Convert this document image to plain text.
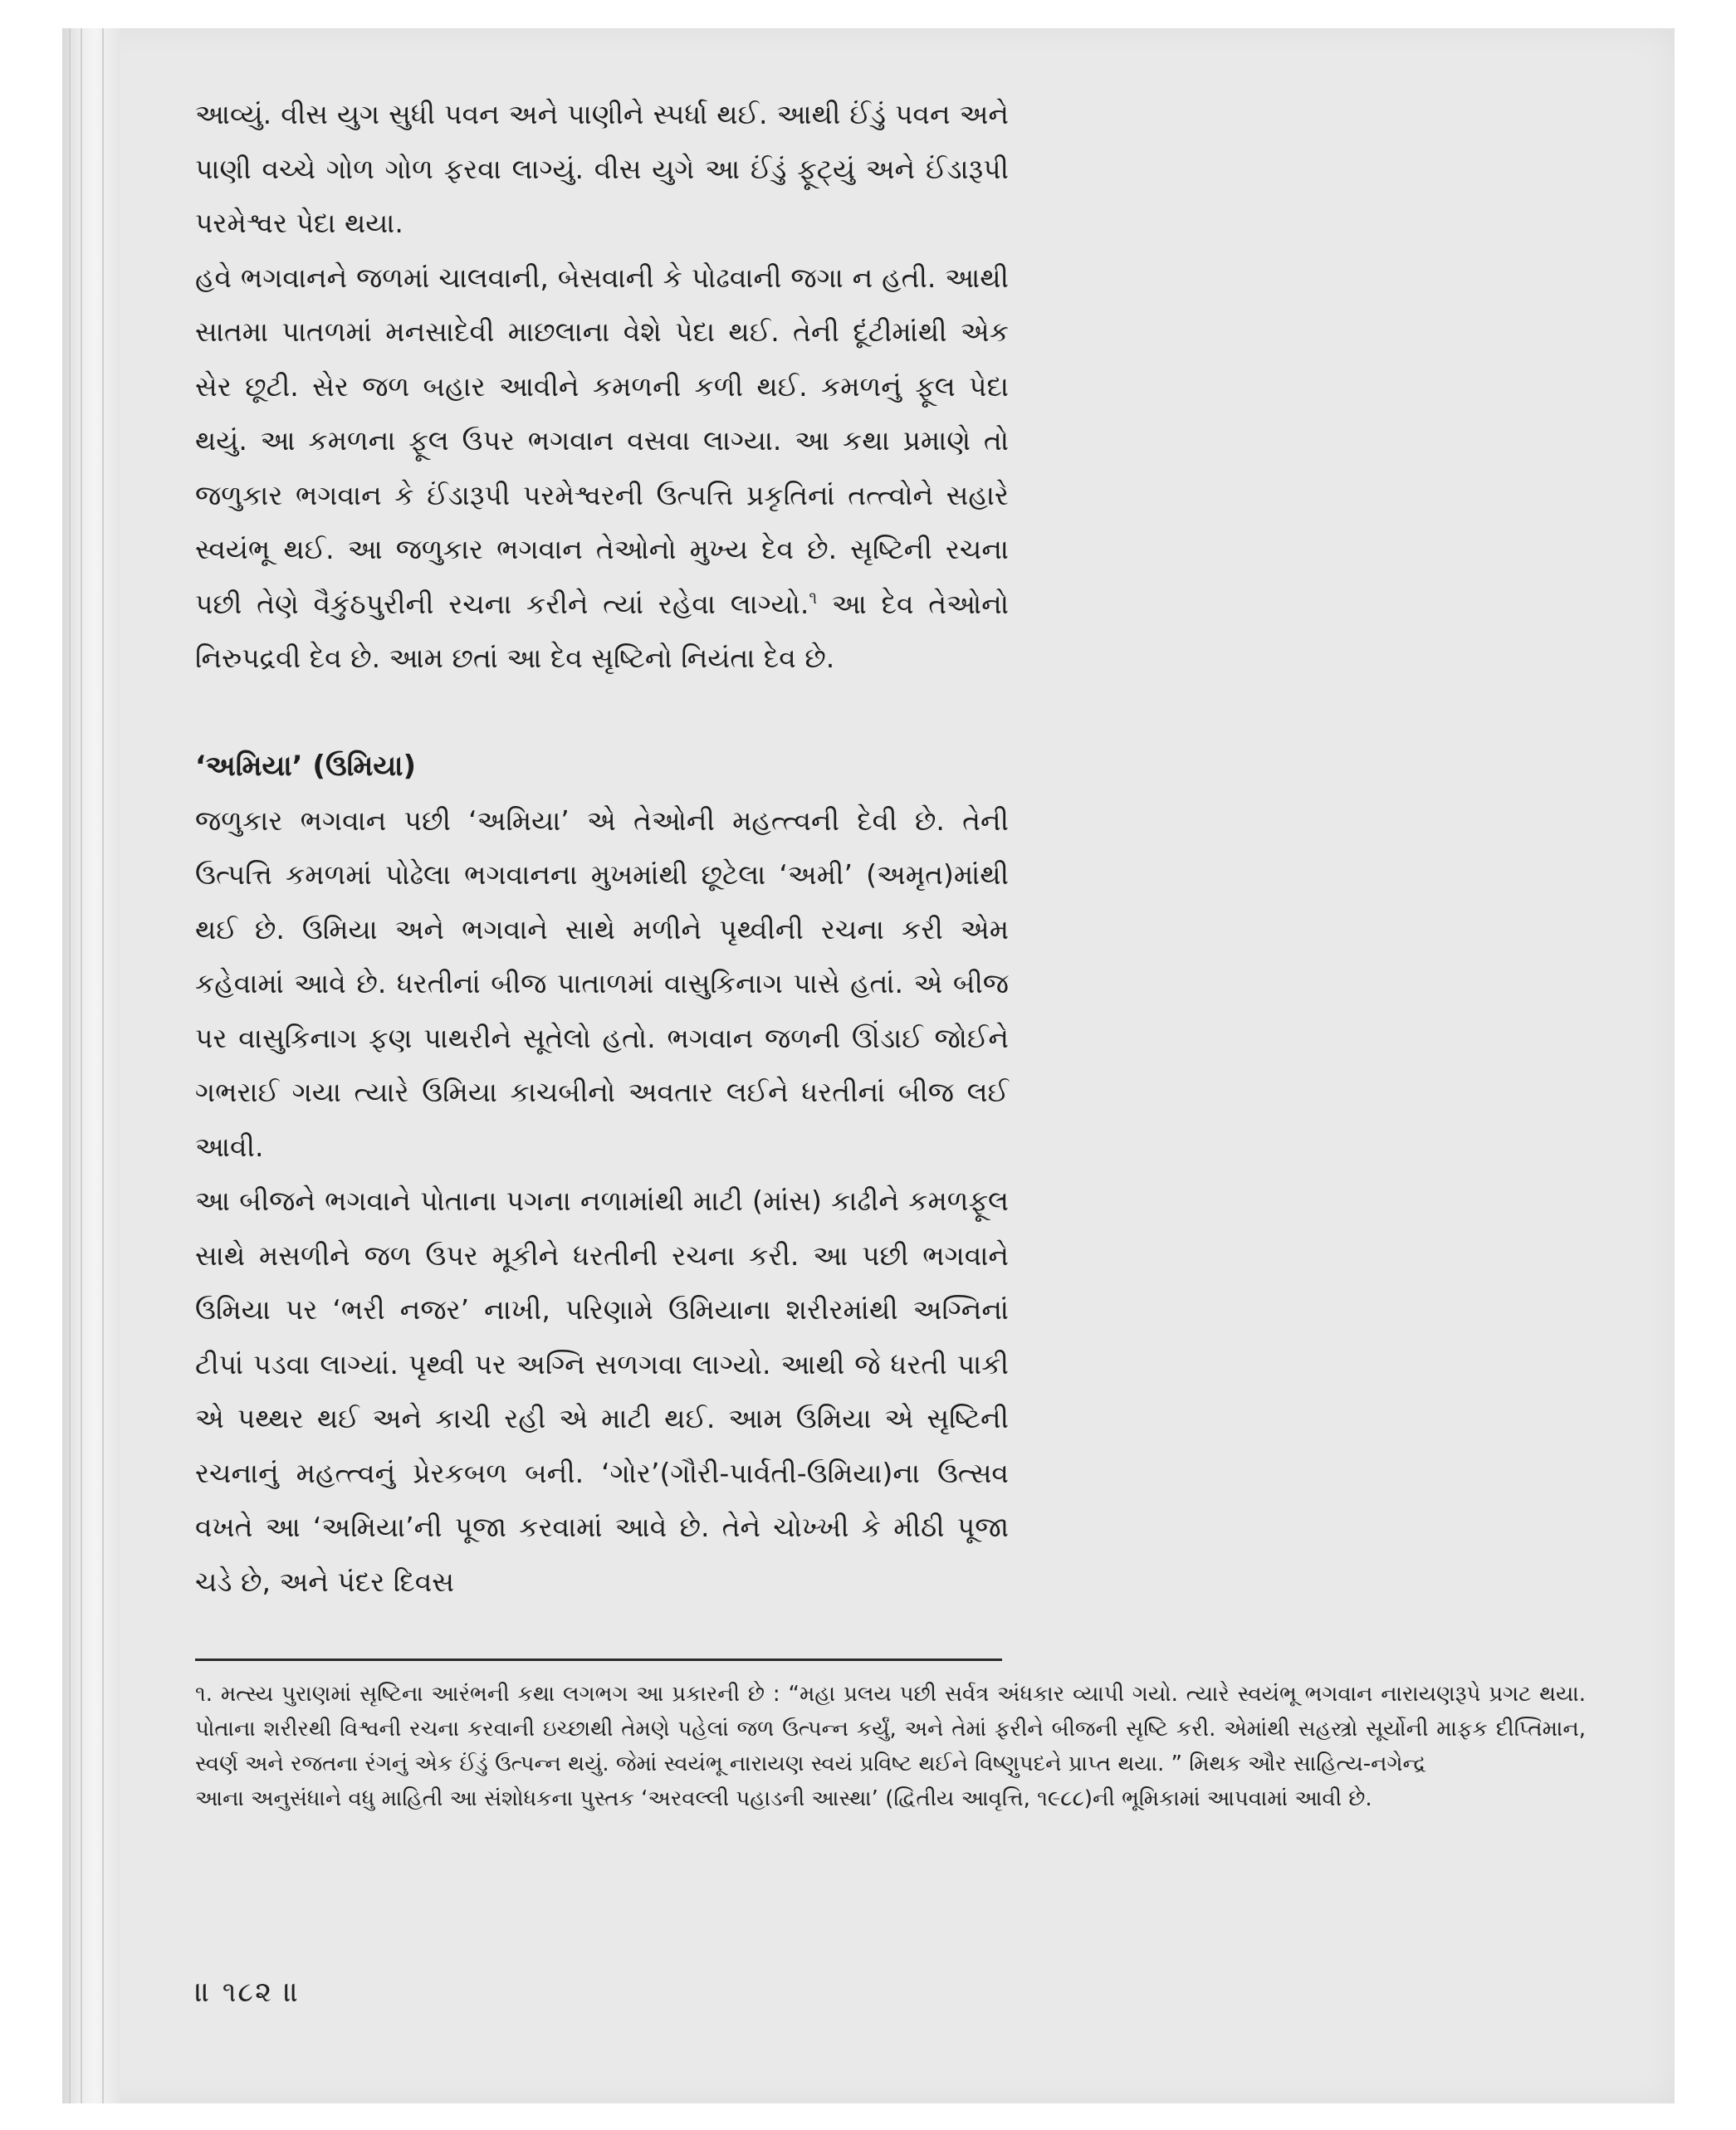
આવ્યું. વીસ યુગ સુધી પવન અને પાણીને સ્પર્ધા થઈ. આથી ઈંડું પવન અને પાણી વચ્ચે ગોળ ગોળ ફરવા લાગ્યું. વીસ યુગે આ ઈંડું ફૂટ્યું અને ઈંડારૂપી પરમેશ્વર પેદા થયા.

હવે ભગવાનને જળમાં ચાલવાની, બેસવાની કે પોઢવાની જગા ન હતી. આથી સાતમા પાતળમાં મનસાદેવી માછલાના વેશે પેદા થઈ. તેની દૂંટીમાંથી એક સેર છૂટી. સેર જળ બહાર આવીને કમળની કળી થઈ. કમળનું ફૂલ પેદા થયું. આ કમળના ફૂલ ઉપર ભગવાન વસવા લાગ્યા. આ કથા પ્રમાણે તો જળુકાર ભગવાન કે ઈંડારૂપી પરમેશ્વરની ઉત્પત્તિ પ્રકૃતિનાં તત્ત્વોને સહારે સ્વયંભૂ થઈ. આ જળુકાર ભગવાન તેઓનો મુખ્ય દેવ છે. સૃષ્ટિની રચના પછી તેણે વૈકુંઠપુરીની રચના કરીને ત્યાં રહેવા લાગ્યો.$^૧$ આ દેવ તેઓનો નિરુપદ્રવી દેવ છે. આમ છતાં આ દેવ સૃષ્ટિનો નિયંતા દેવ છે.

‘અમિયા’ (ઉમિયા)

જળુકાર ભગવાન પછી ‘અમિયા’ એ તેઓની મહત્ત્વની દેવી છે. તેની ઉત્પત્તિ કમળમાં પોઢેલા ભગવાનના મુખમાંથી છૂટેલા ‘અમી’ (અમૃત)માંથી થઈ છે. ઉમિયા અને ભગવાને સાથે મળીને પૃથ્વીની રચના કરી એમ કહેવામાં આવે છે. ધરતીનાં બીજ પાતાળમાં વાસુકિનાગ પાસે હતાં. એ બીજ પર વાસુકિનાગ ફણ પાથરીને સૂતેલો હતો. ભગવાન જળની ઊંડાઈ જોઈને ગભરાઈ ગયા ત્યારે ઉમિયા કાચબીનો અવતાર લઈને ધરતીનાં બીજ લઈ આવી.

આ બીજને ભગવાને પોતાના પગના નળામાંથી માટી (માંસ) કાઢીને કમળફૂલ સાથે મસળીને જળ ઉપર મૂકીને ધરતીની રચના કરી. આ પછી ભગવાને ઉમિયા પર ‘ભરી નજર’ નાખી, પરિણામે ઉમિયાના શરીરમાંથી અગ્નિનાં ટીપાં પડવા લાગ્યાં. પૃથ્વી પર અગ્નિ સળગવા લાગ્યો. આથી જે ધરતી પાકી એ પથ્થર થઈ અને કાચી રહી એ માટી થઈ. આમ ઉમિયા એ સૃષ્ટિની રચનાનું મહત્ત્વનું પ્રેરકબળ બની. ‘ગોર’(ગૌરી-પાર્વતી-ઉમિયા)ના ઉત્સવ વખતે આ ‘અમિયા’ની પૂજા કરવામાં આવે છે. તેને ચોખ્ખી કે મીઠી પૂજા ચડે છે, અને પંદર દિવસ

૧. મત્સ્ય પુરાણમાં સૃષ્ટિના આરંભની કથા લગભગ આ પ્રકારની છે : “મહા પ્રલય પછી સર્વત્ર અંધકાર વ્યાપી ગયો. ત્યારે સ્વયંભૂ ભગવાન નારાયણરૂપે પ્રગટ થયા. પોતાના શરીરથી વિશ્વની રચના કરવાની ઇચ્છાથી તેમણે પહેલાં જળ ઉત્પન્ન કર્યું, અને તેમાં ફરીને બીજની સૃષ્ટિ કરી. એમાંથી સહસ્ત્રો સૂર્યોની માફક દીપ્તિમાન, સ્વર્ણ અને રજતના રંગનું એક ઈંડું ઉત્પન્ન થયું. જેમાં સ્વયંભૂ નારાયણ સ્વયં પ્રવિષ્ટ થઈને વિષ્ણુપદને પ્રાપ્ત થયા. ” મિથક ઔર સાહિત્ય-નગેન્દ્ર

આના અનુસંધાને વધુ માહિતી આ સંશોધકના પુસ્તક ‘અરવલ્લી પહાડની આસ્થા’ (દ્વિતીય આવૃત્તિ, ૧૯૮૮)ની ભૂમિકામાં આપવામાં આવી છે.

॥ ૧૮૨ ॥
